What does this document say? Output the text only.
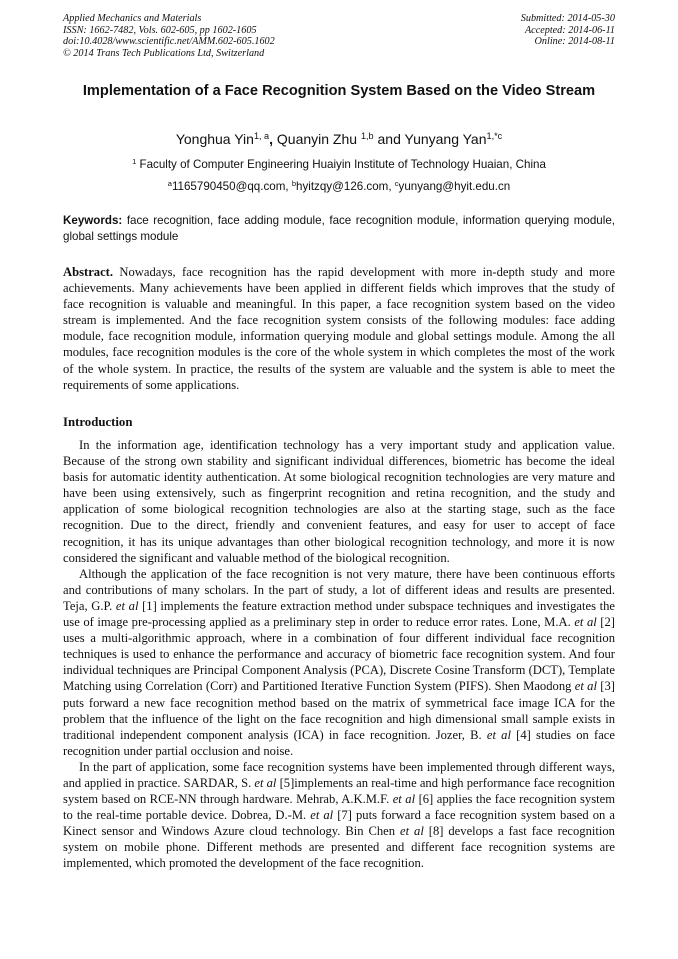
Applied Mechanics and Materials
ISSN: 1662-7482, Vols. 602-605, pp 1602-1605
doi:10.4028/www.scientific.net/AMM.602-605.1602
© 2014 Trans Tech Publications Ltd, Switzerland
Submitted: 2014-05-30
Accepted: 2014-06-11
Online: 2014-08-11
Implementation of a Face Recognition System Based on the Video Stream
Yonghua Yin$^{1, a}$, Quanyin Zhu $^{1,b}$ and Yunyang Yan$^{1,*c}$
$^1$ Faculty of Computer Engineering Huaiyin Institute of Technology Huaian, China
$^a$1165790450@qq.com, $^b$hyitzqy@126.com, $^c$yunyang@hyit.edu.cn
Keywords: face recognition, face adding module, face recognition module, information querying module, global settings module
Abstract. Nowadays, face recognition has the rapid development with more in-depth study and more achievements. Many achievements have been applied in different fields which improves that the study of face recognition is valuable and meaningful. In this paper, a face recognition system based on the video stream is implemented. And the face recognition system consists of the following modules: face adding module, face recognition module, information querying module and global settings module. Among the all modules, face recognition modules is the core of the whole system in which completes the most of the work of the whole system. In practice, the results of the system are valuable and the system is able to meet the requirements of some applications.
Introduction

In the information age, identification technology has a very important study and application value. Because of the strong own stability and significant individual differences, biometric has become the ideal basis for automatic identity authentication. At some biological recognition technologies are very mature and have been using extensively, such as fingerprint recognition and retina recognition, and the study and application of some biological recognition technologies are also at the starting stage, such as the face recognition. Due to the direct, friendly and convenient features, and easy for user to accept of face recognition, it has its unique advantages than other biological recognition technology, and more it is now considered the significant and valuable method of the biological recognition.

Although the application of the face recognition is not very mature, there have been continuous efforts and contributions of many scholars. In the part of study, a lot of different ideas and results are presented. Teja, G.P. et al [1] implements the feature extraction method under subspace techniques and investigates the use of image pre-processing applied as a preliminary step in order to reduce error rates. Lone, M.A. et al [2] uses a multi-algorithmic approach, where in a combination of four different individual face recognition techniques is used to enhance the performance and accuracy of biometric face recognition system. And four individual techniques are Principal Component Analysis (PCA), Discrete Cosine Transform (DCT), Template Matching using Correlation (Corr) and Partitioned Iterative Function System (PIFS). Shen Maodong et al [3] puts forward a new face recognition method based on the matrix of symmetrical face image ICA for the problem that the influence of the light on the face recognition and high dimensional small sample exists in traditional independent component analysis (ICA) in face recognition. Jozer, B. et al [4] studies on face recognition under partial occlusion and noise.

In the part of application, some face recognition systems have been implemented through different ways, and applied in practice. SARDAR, S. et al [5]implements an real-time and high performance face recognition system based on RCE-NN through hardware. Mehrab, A.K.M.F. et al [6] applies the face recognition system to the real-time portable device. Dobrea, D.-M. et al [7] puts forward a face recognition system based on a Kinect sensor and Windows Azure cloud technology. Bin Chen et al [8] develops a fast face recognition system on mobile phone. Different methods are presented and different face recognition systems are implemented, which promoted the development of the face recognition.
